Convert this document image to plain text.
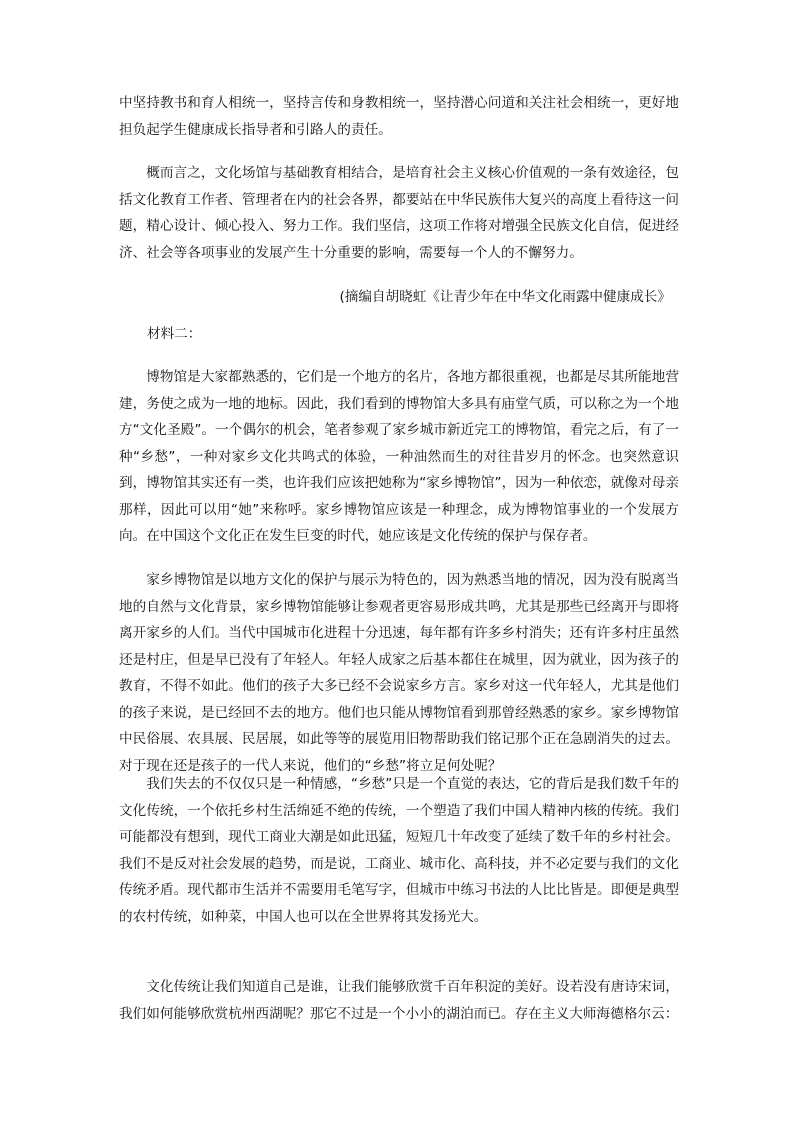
中坚持教书和育人相统一，坚持言传和身教相统一，坚持潜心问道和关注社会相统一，更好地担负起学生健康成长指导者和引路人的责任。

概而言之，文化场馆与基础教育相结合，是培育社会主义核心价值观的一条有效途径，包括文化教育工作者、管理者在内的社会各界，都要站在中华民族伟大复兴的高度上看待这一问题，精心设计、倾心投入、努力工作。我们坚信，这项工作将对增强全民族文化自信，促进经济、社会等各项事业的发展产生十分重要的影响，需要每一个人的不懈努力。

(摘编自胡晓虹《让青少年在中华文化雨露中健康成长》
材料二：

博物馆是大家都熟悉的，它们是一个地方的名片，各地方都很重视，也都是尽其所能地营建，务使之成为一地的地标。因此，我们看到的博物馆大多具有庙堂气质，可以称之为一个地方“文化圣殿”。一个偶尔的机会，笔者参观了家乡城市新近完工的博物馆，看完之后，有了一种“乡愁”，一种对家乡文化共鸣式的体验，一种油然而生的对往昔岁月的怀念。也突然意识到，博物馆其实还有一类，也许我们应该把她称为“家乡博物馆”，因为一种依恋，就像对母亲那样，因此可以用“她”来称呼。家乡博物馆应该是一种理念，成为博物馆事业的一个发展方向。在中国这个文化正在发生巨变的时代，她应该是文化传统的保护与保存者。

家乡博物馆是以地方文化的保护与展示为特色的，因为熟悉当地的情况，因为没有脱离当地的自然与文化背景，家乡博物馆能够让参观者更容易形成共鸣，尤其是那些已经离开与即将离开家乡的人们。当代中国城市化进程十分迅速，每年都有许多乡村消失；还有许多村庄虽然还是村庄，但是早已没有了年轻人。年轻人成家之后基本都住在城里，因为就业，因为孩子的教育，不得不如此。他们的孩子大多已经不会说家乡方言。家乡对这一代年轻人，尤其是他们的孩子来说，是已经回不去的地方。他们也只能从博物馆看到那曾经熟悉的家乡。家乡博物馆中民俗展、农具展、民居展，如此等等的展览用旧物帮助我们铭记那个正在急剧消失的过去。对于现在还是孩子的一代人来说，他们的“乡愁”将立足何处呢？

我们失去的不仅仅只是一种情感，“乡愁”只是一个直觉的表达，它的背后是我们数千年的文化传统，一个依托乡村生活绵延不绝的传统，一个塑造了我们中国人精神内核的传统。我们可能都没有想到，现代工商业大潮是如此迅猛，短短几十年改变了延续了数千年的乡村社会。我们不是反对社会发展的趋势，而是说，工商业、城市化、高科技，并不必定要与我们的文化传统矛盾。现代都市生活并不需要用毛笔写字，但城市中练习书法的人比比皆是。即便是典型的农村传统，如种菜，中国人也可以在全世界将其发扬光大。

文化传统让我们知道自己是谁，让我们能够欣赏千百年积淀的美好。设若没有唐诗宋词，我们如何能够欣赏杭州西湖呢？那它不过是一个小小的湖泊而已。存在主义大师海德格尔云：
